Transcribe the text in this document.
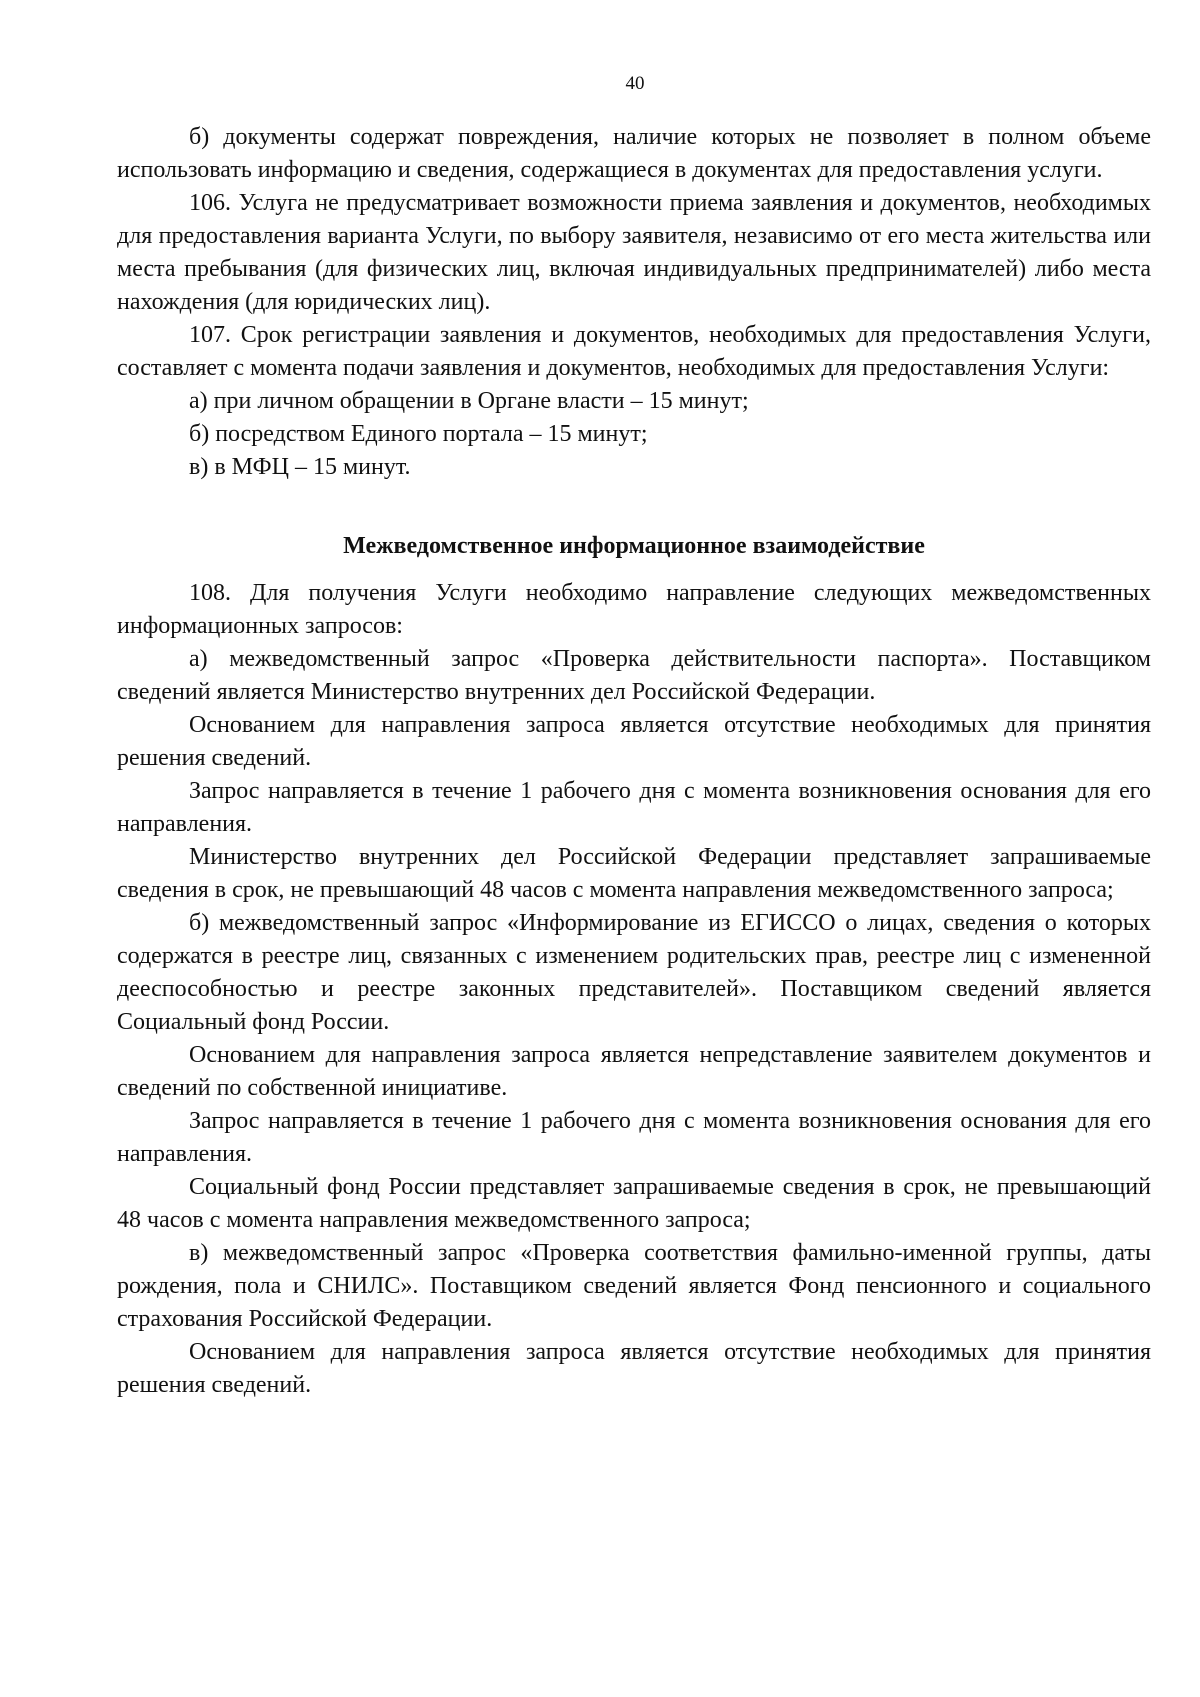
40

б) документы содержат повреждения, наличие которых не позволяет в полном объеме использовать информацию и сведения, содержащиеся в документах для предоставления услуги.

106. Услуга не предусматривает возможности приема заявления и документов, необходимых для предоставления варианта Услуги, по выбору заявителя, независимо от его места жительства или места пребывания (для физических лиц, включая индивидуальных предпринимателей) либо места нахождения (для юридических лиц).

107. Срок регистрации заявления и документов, необходимых для предоставления Услуги, составляет с момента подачи заявления и документов, необходимых для предоставления Услуги:

а) при личном обращении в Органе власти – 15 минут;

б) посредством Единого портала – 15 минут;

в) в МФЦ – 15 минут.

Межведомственное информационное взаимодействие

108. Для получения Услуги необходимо направление следующих межведомственных информационных запросов:

а) межведомственный запрос «Проверка действительности паспорта». Поставщиком сведений является Министерство внутренних дел Российской Федерации.

Основанием для направления запроса является отсутствие необходимых для принятия решения сведений.

Запрос направляется в течение 1 рабочего дня с момента возникновения основания для его направления.

Министерство внутренних дел Российской Федерации представляет запрашиваемые сведения в срок, не превышающий 48 часов с момента направления межведомственного запроса;

б) межведомственный запрос «Информирование из ЕГИССО о лицах, сведения о которых содержатся в реестре лиц, связанных с изменением родительских прав, реестре лиц с измененной дееспособностью и реестре законных представителей». Поставщиком сведений является Социальный фонд России.

Основанием для направления запроса является непредставление заявителем документов и сведений по собственной инициативе.

Запрос направляется в течение 1 рабочего дня с момента возникновения основания для его направления.

Социальный фонд России представляет запрашиваемые сведения в срок, не превышающий 48 часов с момента направления межведомственного запроса;

в) межведомственный запрос «Проверка соответствия фамильно-именной группы, даты рождения, пола и СНИЛС». Поставщиком сведений является Фонд пенсионного и социального страхования Российской Федерации.

Основанием для направления запроса является отсутствие необходимых для принятия решения сведений.
